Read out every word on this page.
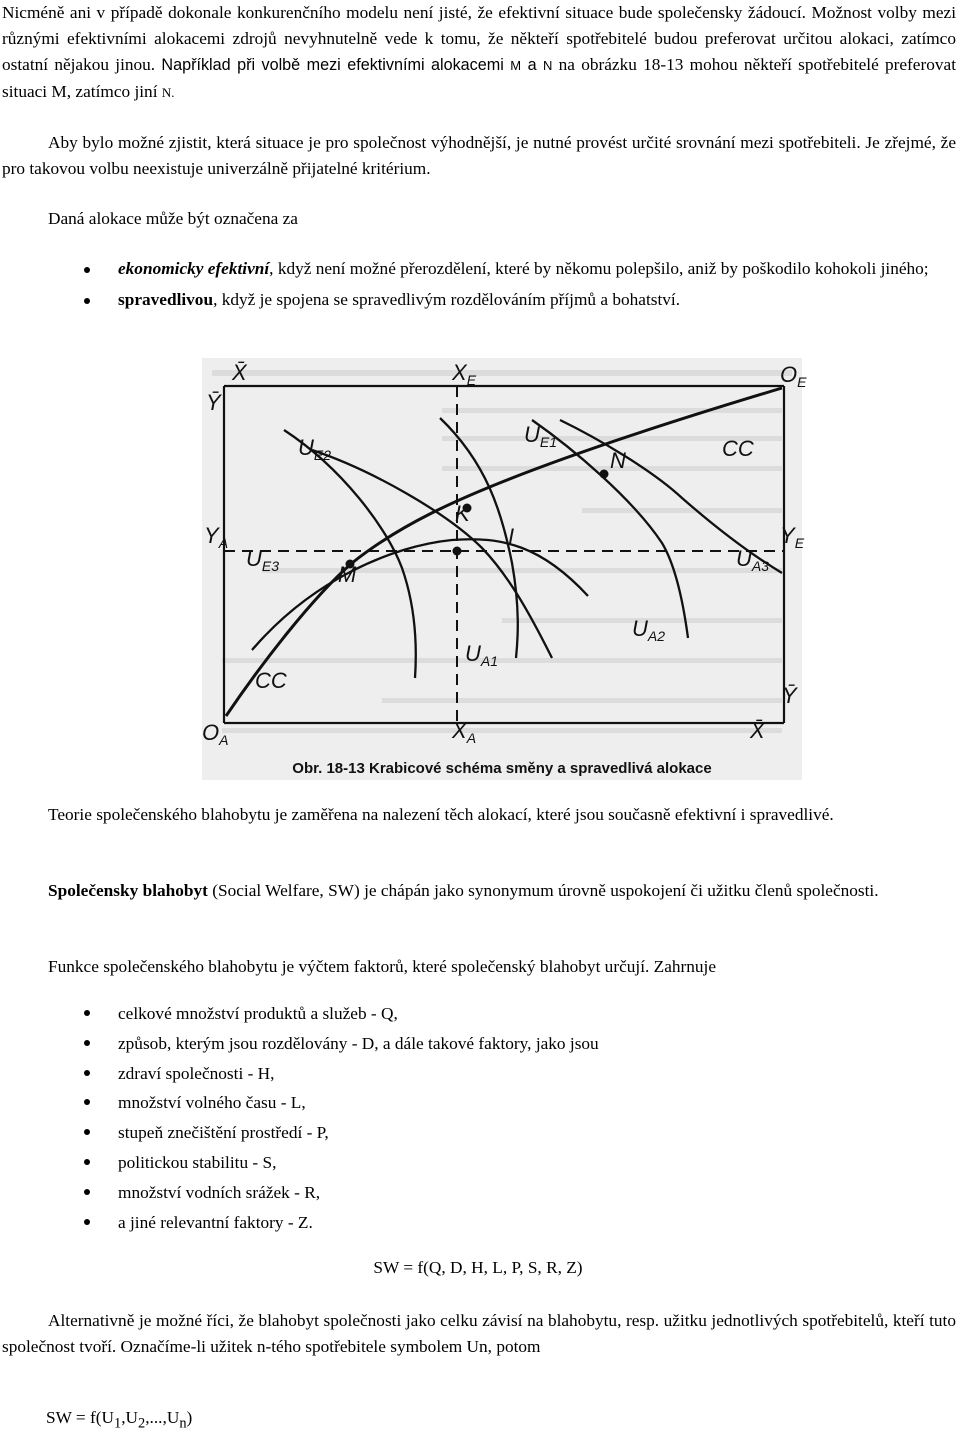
Nicméně ani v případě dokonale konkurenčního modelu není jisté, že efektivní situace bude společensky žádoucí. Možnost volby mezi různými efektivními alokacemi zdrojů nevyhnutelně vede k tomu, že někteří spotřebitelé budou preferovat určitou alokaci, zatímco ostatní nějakou jinou. Například při volbě mezi efektivními alokacemi M a N na obrázku 18-13 mohou někteří spotřebitelé preferovat situaci M, zatímco jiní N.

Aby bylo možné zjistit, která situace je pro společnost výhodnější, je nutné provést určité srovnání mezi spotřebiteli. Je zřejmé, že pro takovou volbu neexistuje univerzálně přijatelné kritérium.

Daná alokace může být označena za

ekonomicky efektivní, když není možné přerozdělení, které by někomu polepšilo, aniž by poškodilo kohokoli jiného;
spravedlivou, když je spojena se spravedlivým rozdělováním příjmů a bohatství.
X̄
Ȳ
$X_E$	$O_E$
$U_{E2}$
$U_{E1}$	CC
N
K
$Y_A$	$Y_E$
I
$U_{E3}$	M
$U_{A3}$
$U_{A2}$
$U_{A1}$
CC
Ȳ
$O_A$	$X_A$	X̄
Obr. 18-13 Krabicové schéma směny a spravedlivá alokace

Teorie společenského blahobytu je zaměřena na nalezení těch alokací, které jsou současně efektivní i spravedlivé.

Společensky blahobyt (Social Welfare, SW) je chápán jako synonymum úrovně uspokojení či užitku členů společnosti.

Funkce společenského blahobytu je výčtem faktorů, které společenský blahobyt určují. Zahrnuje

celkové množství produktů a služeb - Q,
způsob, kterým jsou rozdělovány - D, a dále takové faktory, jako jsou
zdraví společnosti - H,
množství volného času - L,
stupeň znečištění prostředí - P,
politickou stabilitu - S,
množství vodních srážek - R,
a jiné relevantní faktory - Z.
SW = f(Q, D, H, L, P, S, R, Z)

Alternativně je možné říci, že blahobyt společnosti jako celku závisí na blahobytu, resp. užitku jednotlivých spotřebitelů, kteří tuto společnost tvoří. Označíme-li užitek n-tého spotřebitele symbolem Un, potom

SW = $f(U_1,U_2,...,U_n)$
